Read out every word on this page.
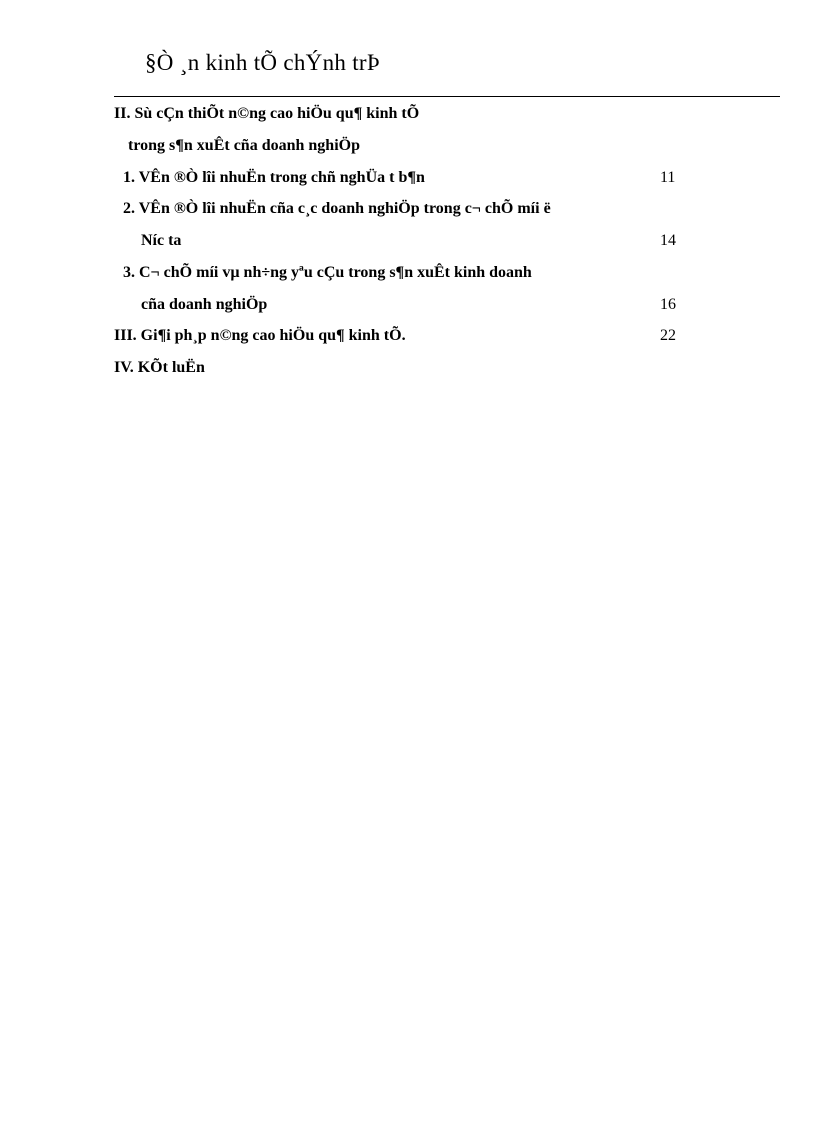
§Ò ¸n kinh tÕ chÝnh trÞ
II. Sù cÇn thiÕt n©ng cao hiÖu qu¶ kinh tÕ
trong s¶n xuÊt cña doanh nghiÖp
1. VÊn ®Ò lîi nhuËn trong chñ nghÜa t b¶n	11
2. VÊn ®Ò lîi nhuËn cña c¸c doanh nghiÖp trong c¬ chÕ míi ë
Níc ta	14
3. C¬ chÕ míi vµ nh÷ng yªu cÇu trong s¶n xuÊt kinh doanh
cña doanh nghiÖp	16
III. Gi¶i ph¸p n©ng cao hiÖu qu¶ kinh tÕ.	22
IV. KÕt luËn
